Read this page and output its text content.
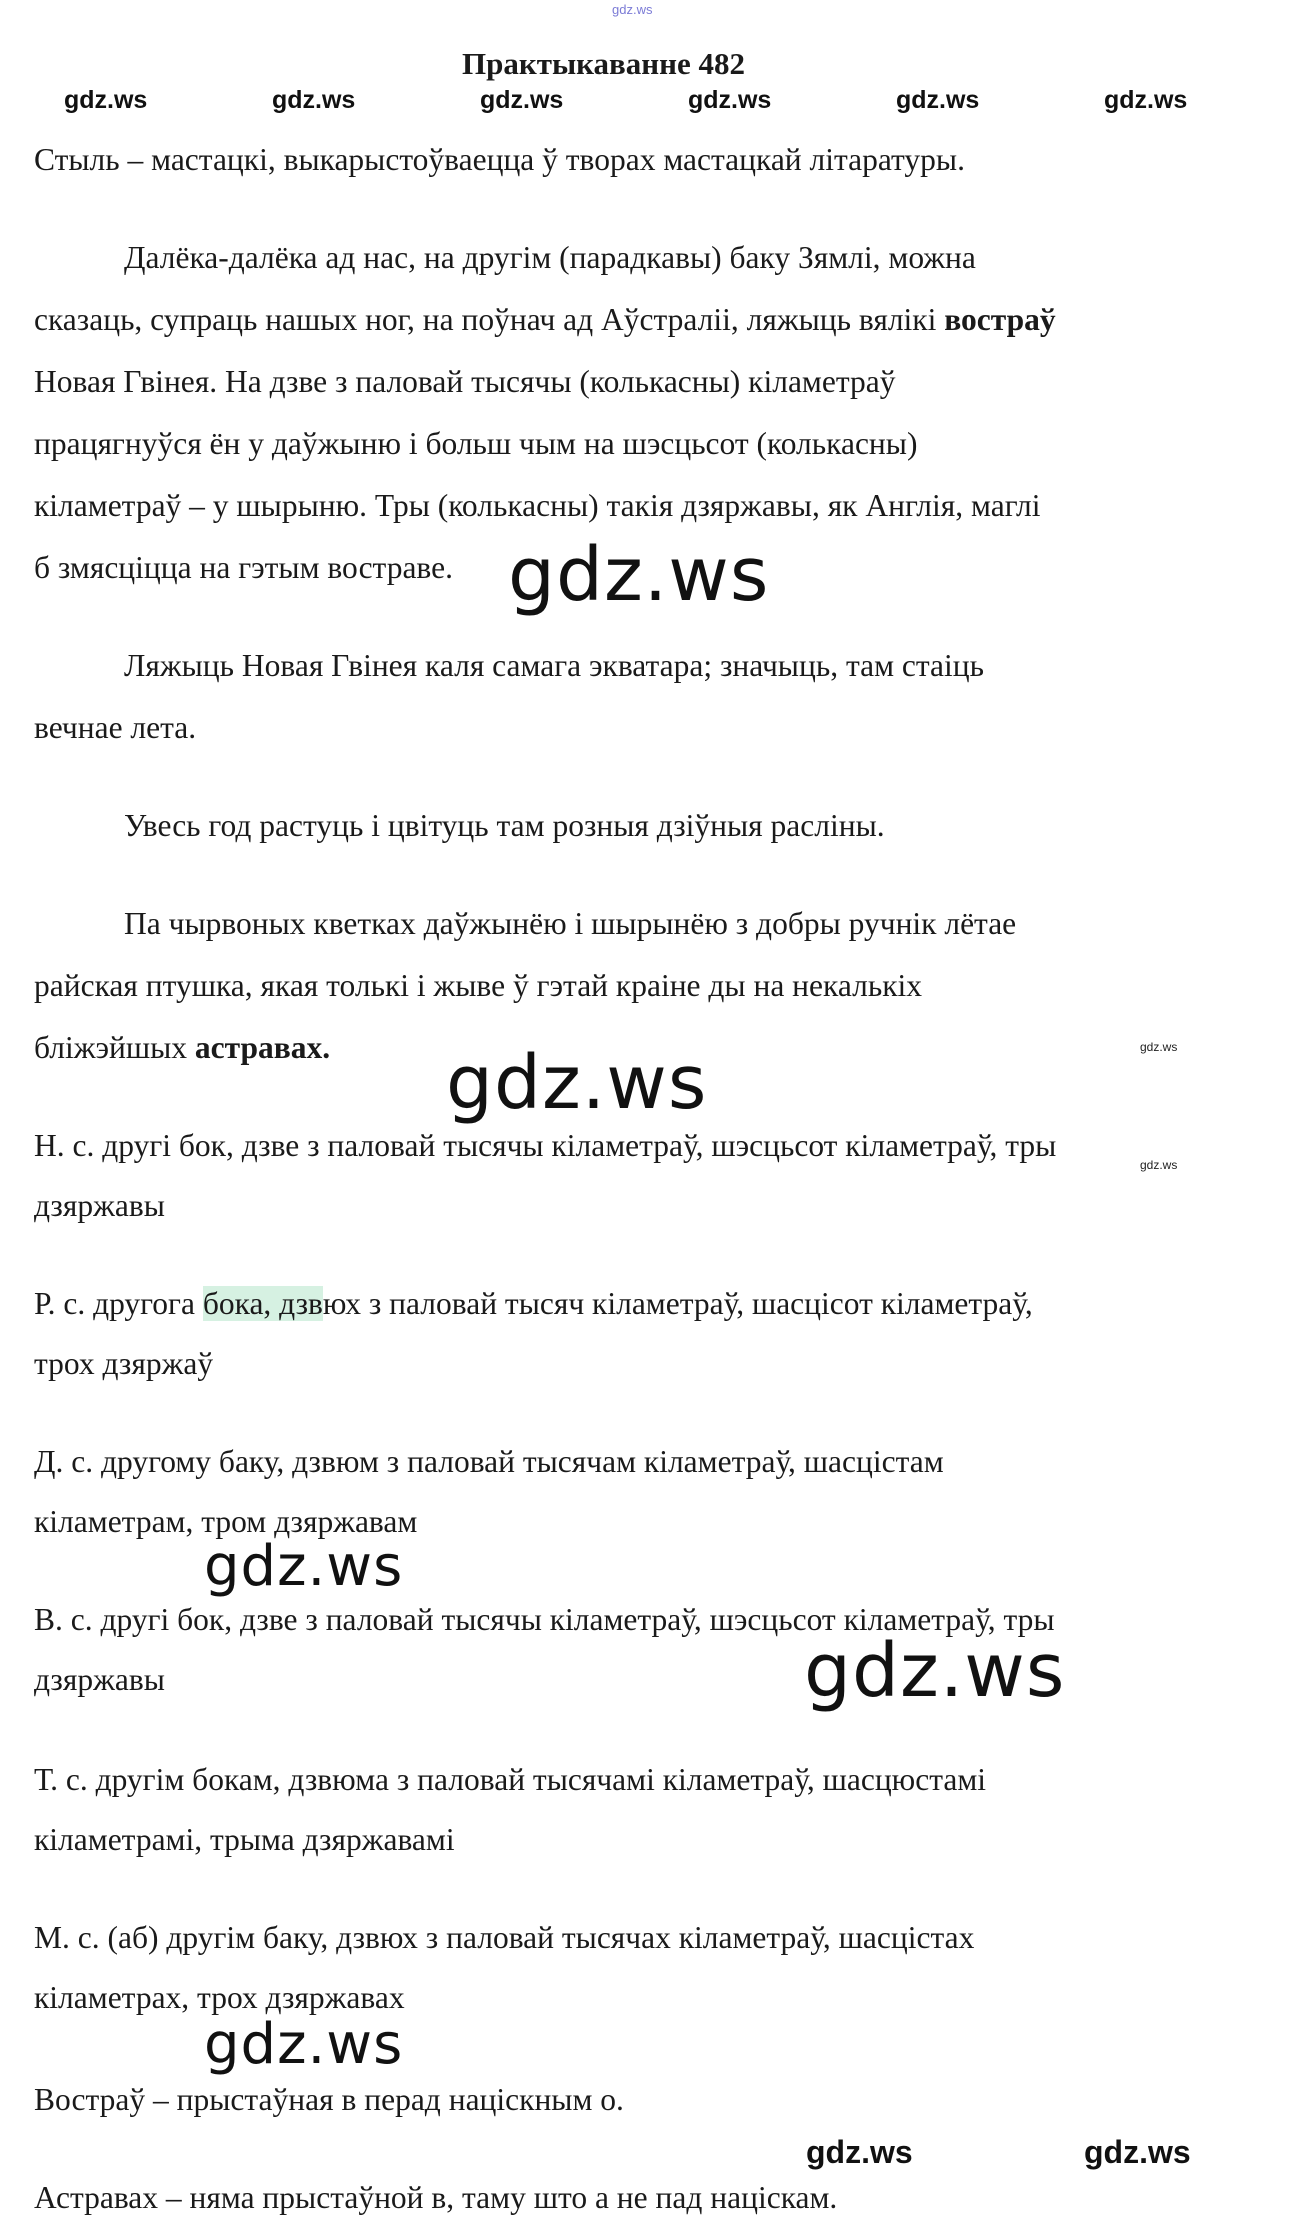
gdz.ws
Практыкаванне 482
gdz.ws	gdz.ws	gdz.ws	gdz.ws	gdz.ws	gdz.ws
Стыль – мастацкі, выкарыстоўваецца ў творах мастацкай літаратуры.
Далёка-далёка ад нас, на другім (парадкавы) баку Зямлі, можна
сказаць, супраць нашых ног, на поўнач ад Аўстраліі, ляжыць вялікі востраў
Новая Гвінея. На дзве з паловай тысячы (колькасны) кіламетраў
працягнуўся ён у даўжыню і больш чым на шэсцьсот (колькасны)
кіламетраў – у шырыню. Тры (колькасны) такія дзяржавы, як Англія, маглі
б змясціцца на гэтым востраве. gdz.ws
Ляжыць Новая Гвінея каля самага экватара; значыць, там стаіць
вечнае лета.
Увесь год растуць і цвітуць там розныя дзіўныя расліны.
Па чырвоных кветках даўжынёю і шырынёю з добры ручнік лётае
райская птушка, якая толькі і жыве ў гэтай краіне ды на некалькіх
бліжэйшых астравах.	gdz.ws
gdz.ws
Н. с. другі бок, дзве з паловай тысячы кіламетраў, шэсцьсот кіламетраў, тры
дзяржавы
gdz.ws
Р. с. другога бока, дзвюх з паловай тысяч кіламетраў, шасцісот кіламетраў,
трох дзяржаў
Д. с. другому баку, дзвюм з паловай тысячам кіламетраў, шасцістам
кіламетрам, тром дзяржавам
gdz.ws
В. с. другі бок, дзве з паловай тысячы кіламетраў, шэсцьсот кіламетраў, тры
дзяржавы	gdz.ws
Т. с. другім бокам, дзвюма з паловай тысячамі кіламетраў, шасцюстамі
кіламетрамі, трыма дзяржавамі
М. с. (аб) другім баку, дзвюх з паловай тысячах кіламетраў, шасцістах
кіламетрах, трох дзяржавах
gdz.ws
Востраў – прыстаўная в перад націскным о.
gdz.ws	gdz.ws
Астравах – няма прыстаўной в, таму што а не пад націскам.
